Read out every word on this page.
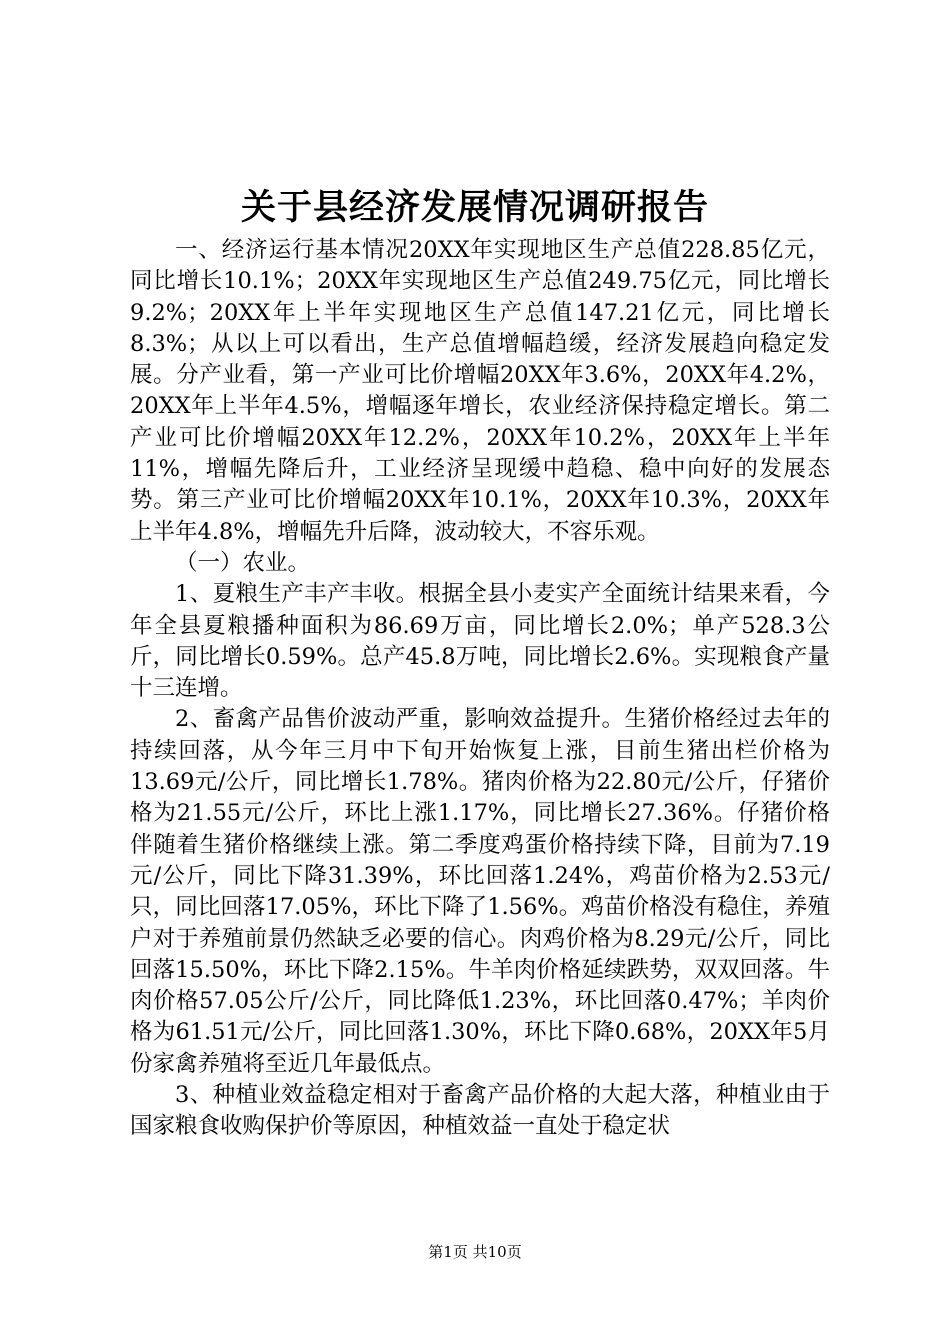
关于县经济发展情况调研报告

一、经济运行基本情况20XX年实现地区生产总值228.85亿元，同比增长10.1%；20XX年实现地区生产总值249.75亿元，同比增长9.2%；20XX年上半年实现地区生产总值147.21亿元，同比增长8.3%；从以上可以看出，生产总值增幅趋缓，经济发展趋向稳定发展。分产业看，第一产业可比价增幅20XX年3.6%，20XX年4.2%，20XX年上半年4.5%，增幅逐年增长，农业经济保持稳定增长。第二产业可比价增幅20XX年12.2%，20XX年10.2%，20XX年上半年11%，增幅先降后升，工业经济呈现缓中趋稳、稳中向好的发展态势。第三产业可比价增幅20XX年10.1%，20XX年10.3%，20XX年上半年4.8%，增幅先升后降，波动较大，不容乐观。

（一）农业。

1、夏粮生产丰产丰收。根据全县小麦实产全面统计结果来看，今年全县夏粮播种面积为86.69万亩，同比增长2.0%；单产528.3公斤，同比增长0.59%。总产45.8万吨，同比增长2.6%。实现粮食产量十三连增。

2、畜禽产品售价波动严重，影响效益提升。生猪价格经过去年的持续回落，从今年三月中下旬开始恢复上涨，目前生猪出栏价格为13.69元/公斤，同比增长1.78%。猪肉价格为22.80元/公斤，仔猪价格为21.55元/公斤，环比上涨1.17%，同比增长27.36%。仔猪价格伴随着生猪价格继续上涨。第二季度鸡蛋价格持续下降，目前为7.19元/公斤，同比下降31.39%，环比回落1.24%，鸡苗价格为2.53元/只，同比回落17.05%，环比下降了1.56%。鸡苗价格没有稳住，养殖户对于养殖前景仍然缺乏必要的信心。肉鸡价格为8.29元/公斤，同比回落15.50%，环比下降2.15%。牛羊肉价格延续跌势，双双回落。牛肉价格57.05公斤/公斤，同比降低1.23%，环比回落0.47%；羊肉价格为61.51元/公斤，同比回落1.30%，环比下降0.68%，20XX年5月份家禽养殖将至近几年最低点。

3、种植业效益稳定相对于畜禽产品价格的大起大落，种植业由于国家粮食收购保护价等原因，种植效益一直处于稳定状

第1页 共10页
